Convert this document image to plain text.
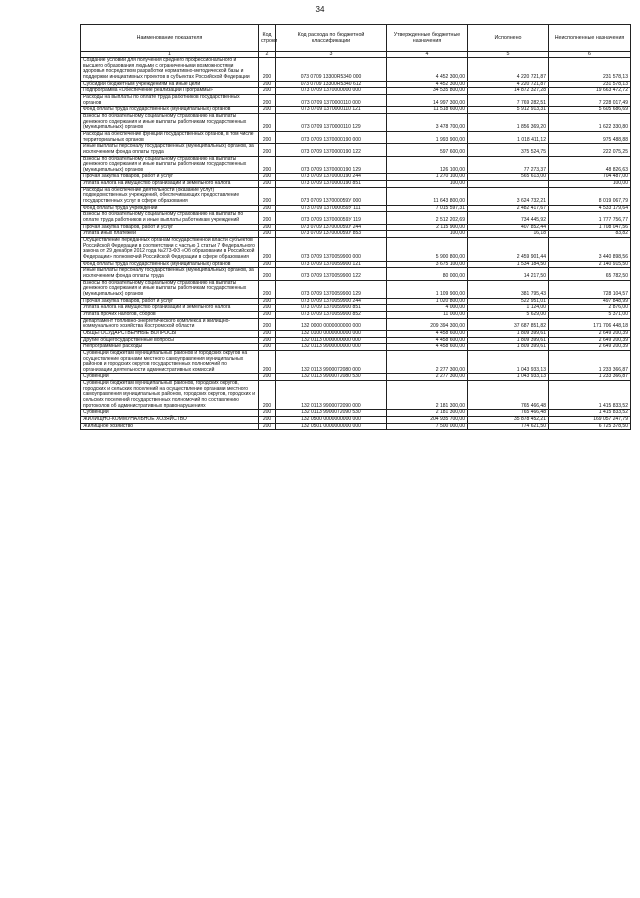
34
Наименование показателя	Код строки	Код расхода по бюджетной классификации	Утвержденные бюджетные назначения	Исполнено	Неисполненные назначения
1	2	3	4	5	6
Создание условий для получения среднего профессионального и высшего образования людьми с ограниченными возможностями здоровья посредством разработки нормативно-методической базы и поддержки инициативных проектов в субъектах Российской Федерации	200	073 0709 13300R5340 000	4 452 300,00	4 220 721,87	231 578,13
Субсидии бюджетным учреждениям на иные цели	200	073 0709 13300R5340 612	4 452 300,00	4 220 721,87	231 578,13
Подпрограмма «Обеспечение реализации Программы»	200	073 0709 1370000000 000	34 535 800,00	14 872 327,28	19 663 472,72
Расходы на выплаты по оплате труда работников государственных органов	200	073 0709 1370000110 000	14 997 300,00	7 769 282,51	7 228 017,49
Фонд оплаты труда государственных (муниципальных) органов	200	073 0709 1370000110 121	11 518 600,00	5 912 913,31	5 605 686,69
Взносы по обязательному социальному страхованию на выплаты денежного содержания и иные выплаты работникам государственных (муниципальных) органов	200	073 0709 1370000110 129	3 478 700,00	1 856 369,20	1 622 330,80
Расходы на обеспечение функций государственных органов, в том числе территориальных органов	200	073 0709 1370000190 000	1 993 900,00	1 018 411,12	975 488,88
Иные выплаты персоналу государственных (муниципальных) органов, за исключением фонда оплаты труда	200	073 0709 1370000190 122	597 600,00	375 524,75	222 075,25
Взносы по обязательному социальному страхованию на выплаты денежного содержания и иные выплаты работникам государственных (муниципальных) органов	200	073 0709 1370000190 129	126 100,00	77 273,37	48 826,63
Прочая закупка товаров, работ и услуг	200	073 0709 1370000190 244	1 270 100,00	565 613,00	704 487,00
Уплата налога на имущество организаций и земельного налога	200	073 0709 1370000190 851	100,00		100,00
Расходы на обеспечение деятельности (оказание услуг) подведомственных учреждений, обеспечивающих предоставление государственных услуг в сфере образования	200	073 0709 137000059У 000	11 643 800,00	3 624 732,21	8 019 067,79
Фонд оплаты труда учреждений	200	073 0709 137000059У 111	7 015 597,31	2 482 417,67	4 533 179,64
Взносы по обязательному социальному страхованию на выплаты по оплате труда работников и иные выплаты работникам учреждений	200	073 0709 137000059У 119	2 512 202,69	734 445,92	1 777 756,77
Прочая закупка товаров, работ и услуг	200	073 0709 137000059У 244	2 115 900,00	407 852,44	1 708 047,56
Уплата иных платежей	200	073 0709 137000059У 853	100,00	16,18	83,82
Осуществление переданных органам государственной власти субъектов Российской Федерации в соответствии с частью 1 статьи 7 Федерального закона от 29 декабря 2012 года №273-ФЗ «Об образовании в Российской Федерации» полномочий Российской Федерации в сфере образования	200	073 0709 1370059900 000	5 900 800,00	2 459 901,44	3 440 898,56
Фонд оплаты труда государственных (муниципальных) органов	200	073 0709 1370059900 121	3 675 100,00	1 534 184,50	2 140 915,50
Иные выплаты персоналу государственных (муниципальных) органов, за исключением фонда оплаты труда	200	073 0709 1370059900 122	80 000,00	14 217,50	65 782,50
Взносы по обязательному социальному страхованию на выплаты денежного содержания и иные выплаты работникам государственных (муниципальных) органов	200	073 0709 1370059900 129	1 109 900,00	381 795,43	728 104,57
Прочая закупка товаров, работ и услуг	200	073 0709 1370059900 244	1 020 800,00	522 951,01	497 848,99
Уплата налога на имущество организаций и земельного налога	200	073 0709 1370059900 851	4 000,00	1 124,00	2 876,00
Уплата прочих налогов, сборов	200	073 0709 1370059900 852	11 000,00	5 629,00	5 371,00
департамент топливно-энергетического комплекса и жилищно-коммунального хозяйства Костромской области	200	132 0000 0000000000 000	209 394 300,00	37 687 851,82	171 706 448,18
ОБЩЕГОСУДАРСТВЕННЫЕ ВОПРОСЫ	200	132 0100 0000000000 000	4 458 600,00	1 809 399,61	2 649 200,39
Другие общегосударственные вопросы	200	132 0113 0000000000 000	4 458 600,00	1 809 399,61	2 649 200,39
Непрограммные расходы	200	132 0113 9900000000 000	4 458 600,00	1 809 399,61	2 649 200,39
Субвенции бюджетам муниципальных районов и городских округов на осуществление органами местного самоуправления муниципальных районов и городских округов государственных полномочий по организации деятельности административных комиссий	200	132 0113 9900072080 000	2 277 300,00	1 043 933,13	1 233 366,87
Субвенции	200	132 0113 9900072080 530	2 277 300,00	1 043 933,13	1 233 366,87
Субвенции бюджетам муниципальных районов, городских округов, городских и сельских поселений на осуществление органами местного самоуправления муниципальных районов, городских округов, городских и сельских поселений государственных полномочий по составлению протоколов об административных правонарушениях	200	132 0113 9900072090 000	2 181 300,00	765 466,48	1 415 833,52
Субвенции	200	132 0113 9900072090 530	2 181 300,00	765 466,48	1 415 833,52
ЖИЛИЩНО-КОММУНАЛЬНОЕ ХОЗЯЙСТВО	200	132 0500 0000000000 000	204 935 700,00	35 878 452,21	169 057 247,79
Жилищное хозяйство	200	132 0501 0000000000 000	7 500 000,00	774 621,50	6 725 378,50
